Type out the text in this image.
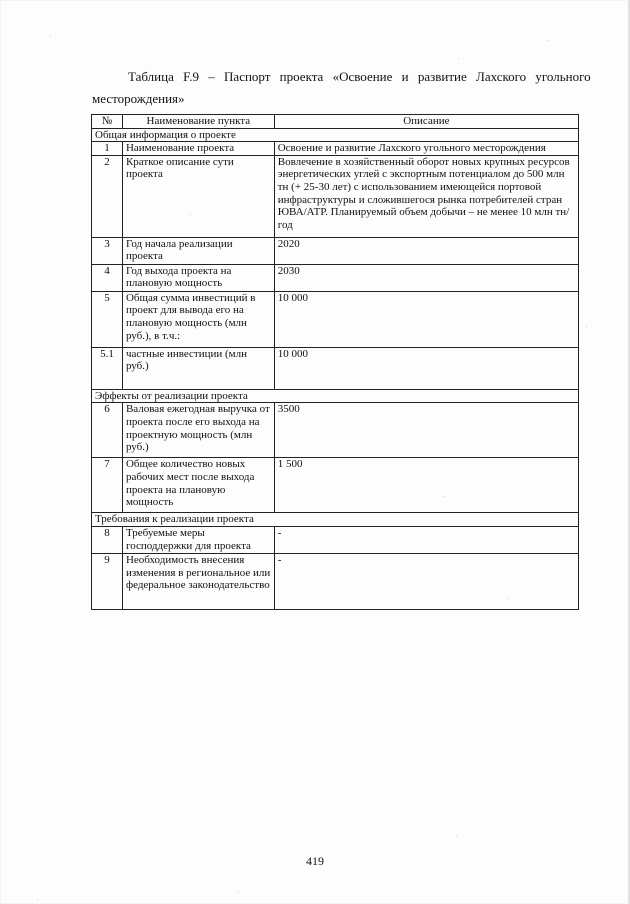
Таблица F.9 – Паспорт проекта «Освоение и развитие Лахского угольного
месторождения»
№	Наименование пункта	Описание
Общая информация о проекте		
1	Наименование проекта	Освоение и развитие Лахского угольного месторождения
2	Краткое описание сути проекта	Вовлечение в хозяйственный оборот новых крупных ресурсов энергетических углей с экспортным потенциалом до 500 млн тн (+ 25-30 лет) с использованием имеющейся портовой инфраструктуры и сложившегося рынка потребителей стран ЮВА/АТР. Планируемый объем добычи – не менее 10 млн тн/год
3	Год начала реализации проекта	2020
4	Год выхода проекта на плановую мощность	2030
5	Общая сумма инвестиций в проект для вывода его на плановую мощность (млн руб.), в т.ч.:	10 000
5.1	частные инвестиции (млн руб.)	10 000
Эффекты от реализации проекта		
6	Валовая ежегодная выручка от проекта после его выхода на проектную мощность (млн руб.)	3500
7	Общее количество новых рабочих мест после выхода проекта на плановую мощность	1 500
Требования к реализации проекта		
8	Требуемые меры господдержки для проекта	-
9	Необходимость внесения изменения в региональное или федеральное законодательство	-
419
